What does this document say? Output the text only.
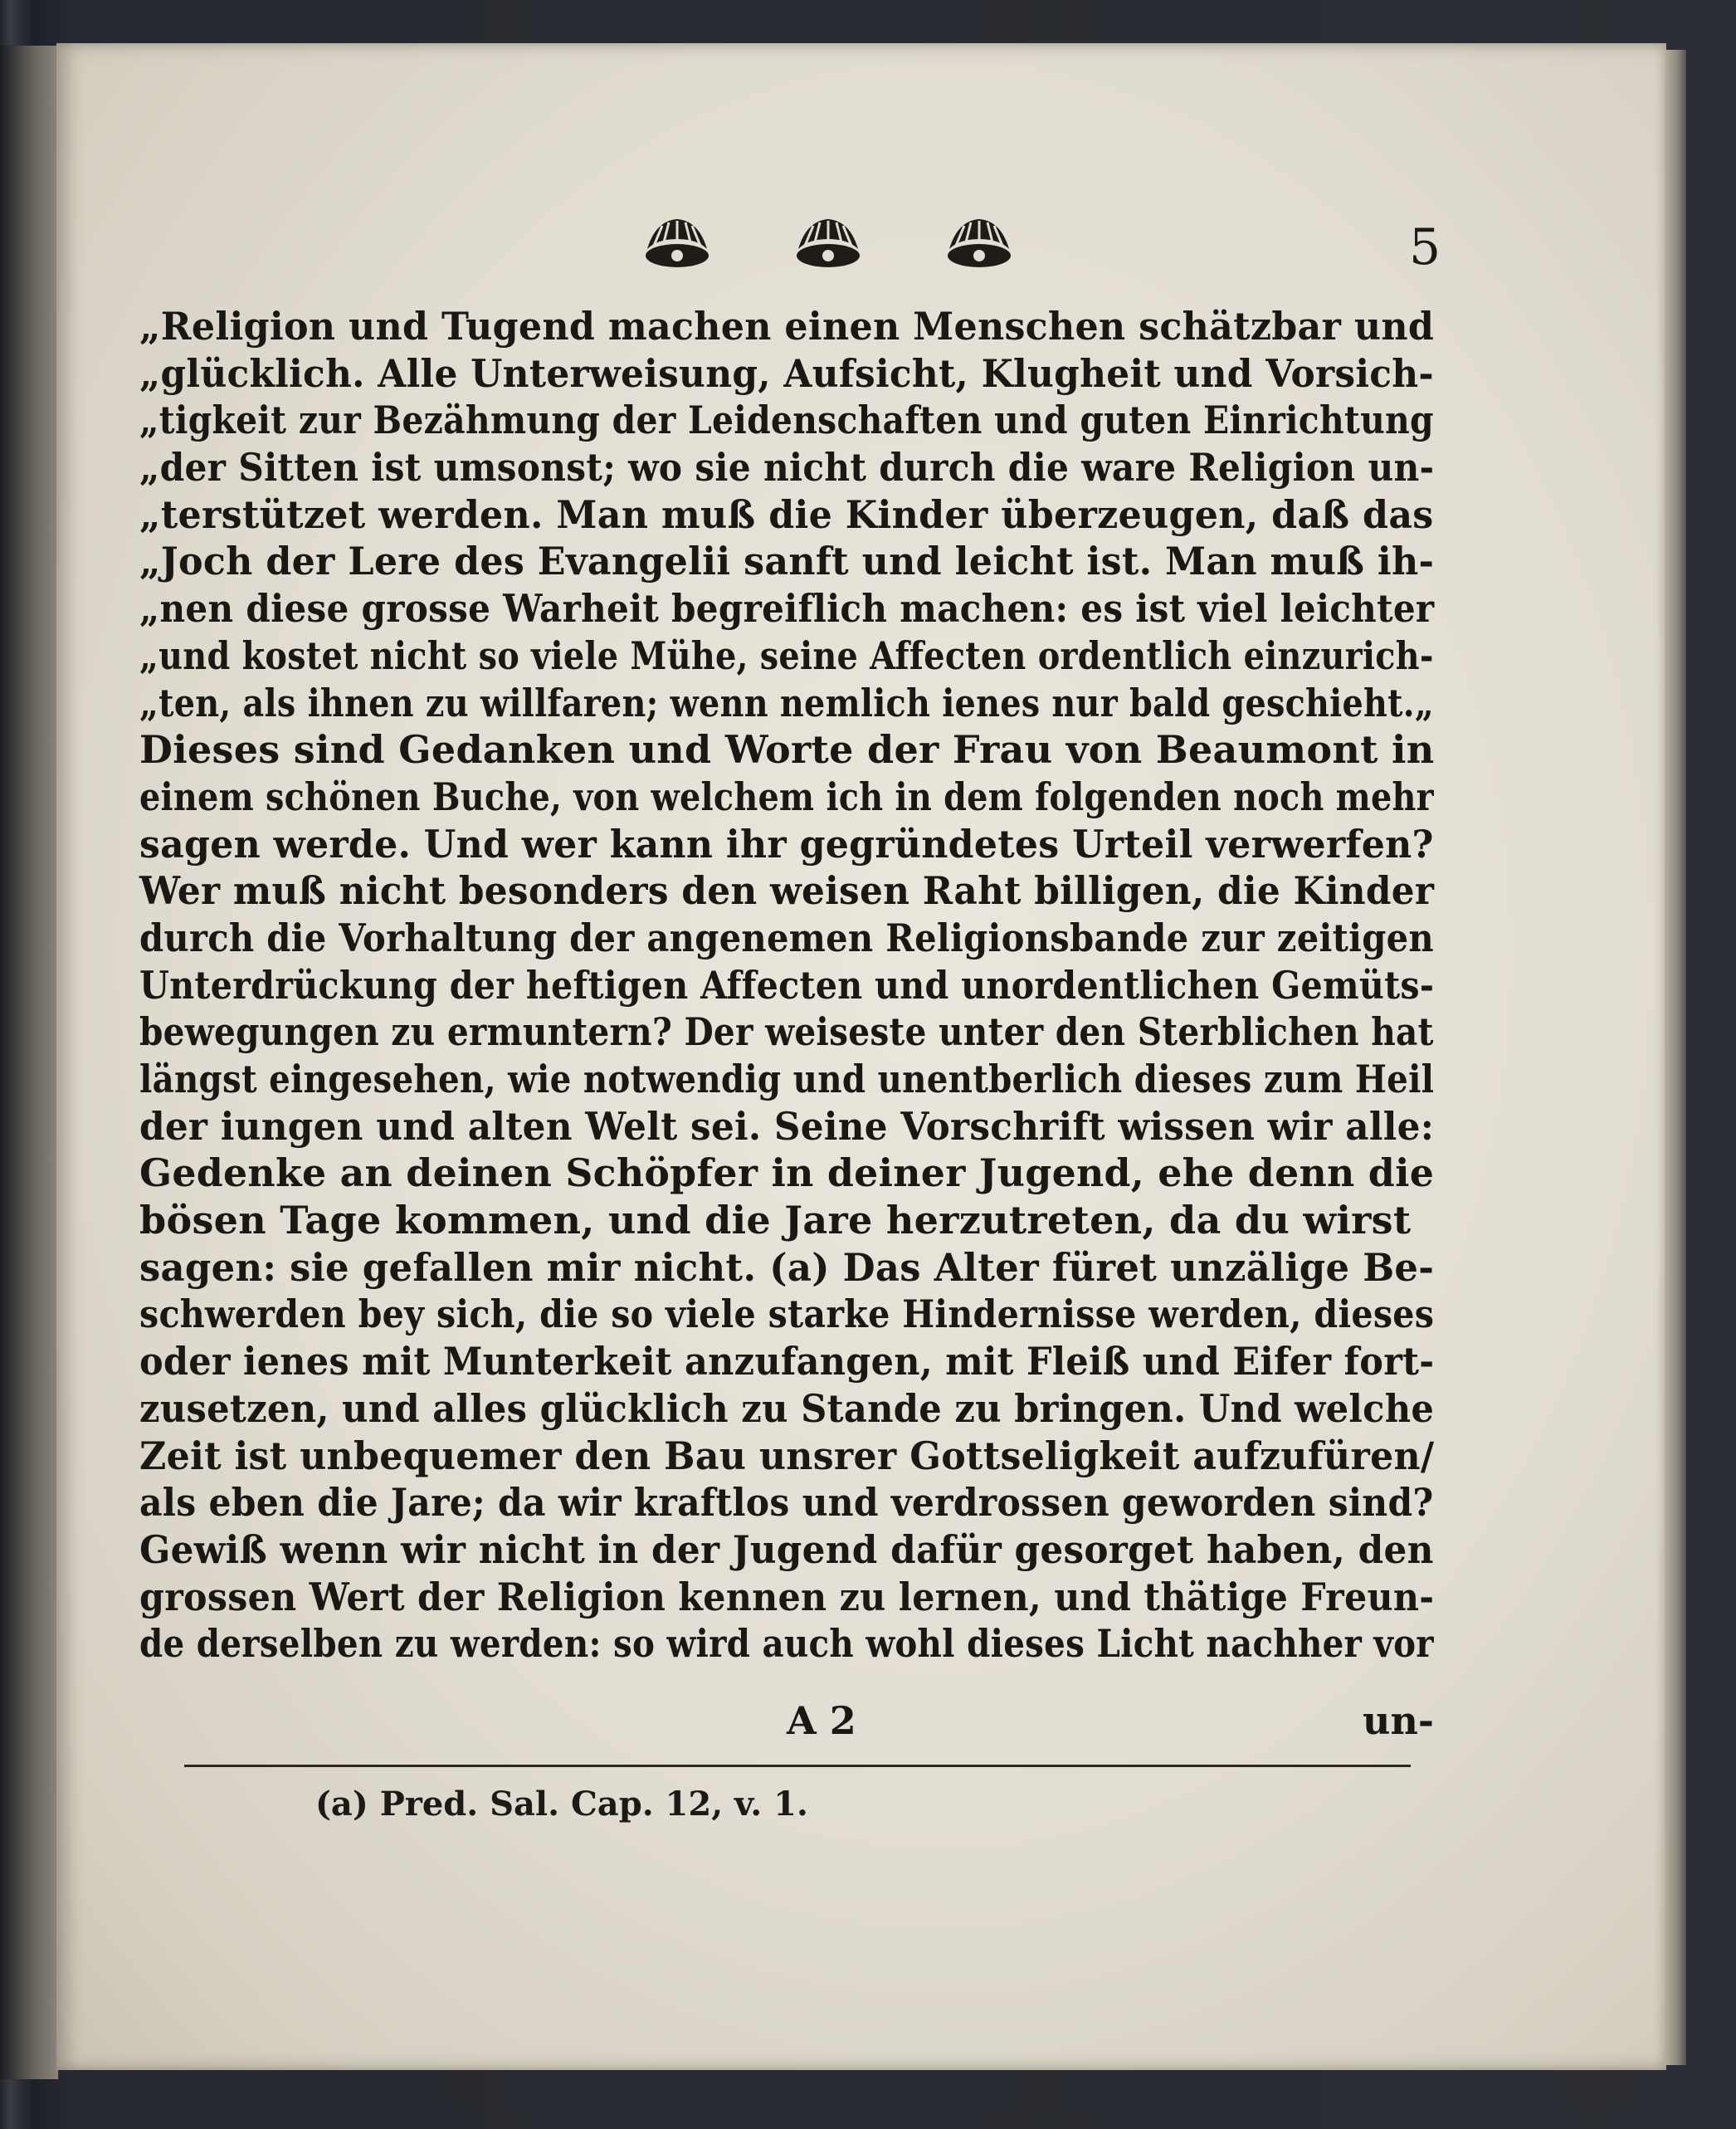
5
„Religion und Tugend machen einen Menschen schätzbar und
„glücklich. Alle Unterweisung, Aufsicht, Klugheit und Vorsich-
„tigkeit zur Bezähmung der Leidenschaften und guten Einrichtung
„der Sitten ist umsonst; wo sie nicht durch die ware Religion un-
„terstützet werden. Man muß die Kinder überzeugen, daß das
„Joch der Lere des Evangelii sanft und leicht ist. Man muß ih-
„nen diese grosse Warheit begreiflich machen: es ist viel leichter
„und kostet nicht so viele Mühe, seine Affecten ordentlich einzurich-
„ten, als ihnen zu willfaren; wenn nemlich ienes nur bald geschieht.„
Dieses sind Gedanken und Worte der Frau von Beaumont in
einem schönen Buche, von welchem ich in dem folgenden noch mehr
sagen werde. Und wer kann ihr gegründetes Urteil verwerfen?
Wer muß nicht besonders den weisen Raht billigen, die Kinder
durch die Vorhaltung der angenemen Religionsbande zur zeitigen
Unterdrückung der heftigen Affecten und unordentlichen Gemüts-
bewegungen zu ermuntern? Der weiseste unter den Sterblichen hat
längst eingesehen, wie notwendig und unentberlich dieses zum Heil
der iungen und alten Welt sei. Seine Vorschrift wissen wir alle:
Gedenke an deinen Schöpfer in deiner Jugend, ehe denn die
bösen Tage kommen, und die Jare herzutreten, da du wirst
sagen: sie gefallen mir nicht. (a) Das Alter füret unzälige Be-
schwerden bey sich, die so viele starke Hindernisse werden, dieses
oder ienes mit Munterkeit anzufangen, mit Fleiß und Eifer fort-
zusetzen, und alles glücklich zu Stande zu bringen. Und welche
Zeit ist unbequemer den Bau unsrer Gottseligkeit aufzufüren/
als eben die Jare; da wir kraftlos und verdrossen geworden sind?
Gewiß wenn wir nicht in der Jugend dafür gesorget haben, den
grossen Wert der Religion kennen zu lernen, und thätige Freun-
de derselben zu werden: so wird auch wohl dieses Licht nachher vor
A 2	un-
(a) Pred. Sal. Cap. 12, v. 1.
